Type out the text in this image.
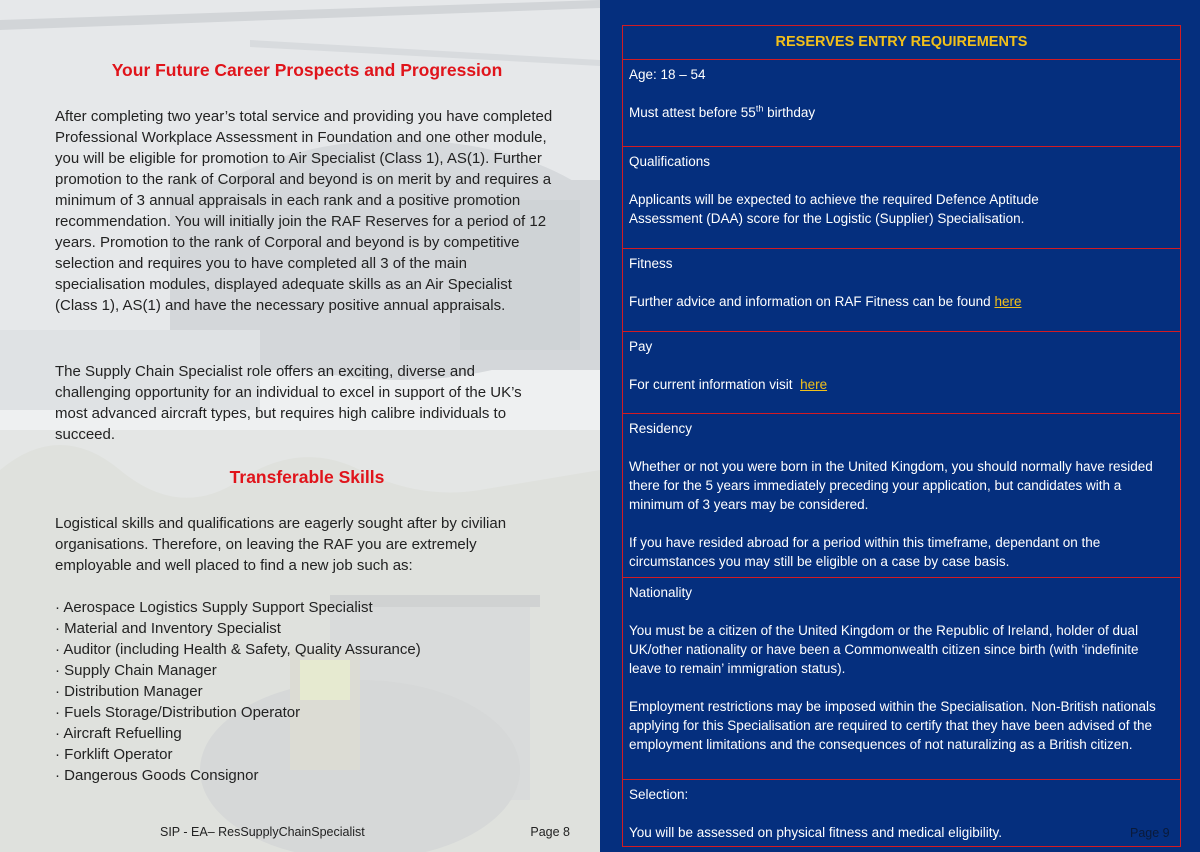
Your Future Career Prospects and Progression

After completing two year’s total service and providing you have completed Professional Workplace Assessment in Foundation and one other module, you will be eligible for promotion to Air Specialist (Class 1), AS(1). Further promotion to the rank of Corporal and beyond is on merit by and requires a minimum of 3 annual appraisals in each rank and a positive promotion recommendation. You will initially join the RAF Reserves for a period of 12 years. Promotion to the rank of Corporal and beyond is by competitive selection and requires you to have completed all 3 of the main specialisation modules, displayed adequate skills as an Air Specialist (Class 1), AS(1) and have the necessary positive annual appraisals.

The Supply Chain Specialist role offers an exciting, diverse and challenging opportunity for an individual to excel in support of the UK’s most advanced aircraft types, but requires high calibre individuals to succeed.

Transferable Skills

Logistical skills and qualifications are eagerly sought after by civilian organisations. Therefore, on leaving the RAF you are extremely employable and well placed to find a new job such as:

· Aerospace Logistics Supply Support Specialist
· Material and Inventory Specialist
· Auditor (including Health & Safety, Quality Assurance)
· Supply Chain Manager
· Distribution Manager
· Fuels Storage/Distribution Operator
· Aircraft Refuelling
· Forklift Operator
· Dangerous Goods Consignor
SIP - EA– ResSupplyChainSpecialist	Page 8
RESERVES ENTRY REQUIREMENTS

Age: 18 – 54

Must attest before 55th birthday

Qualifications

Applicants will be expected to achieve the required Defence Aptitude Assessment (DAA) score for the Logistic (Supplier) Specialisation.

Fitness

Further advice and information on RAF Fitness can be found here

Pay

For current information visit  here

Residency

Whether or not you were born in the United Kingdom, you should normally have resided there for the 5 years immediately preceding your application, but candidates with a minimum of 3 years may be considered.

If you have resided abroad for a period within this timeframe, dependant on the circumstances you may still be eligible on a case by case basis.

Nationality

You must be a citizen of the United Kingdom or the Republic of Ireland, holder of dual UK/other nationality or have been a Commonwealth citizen since birth (with ‘indefinite leave to remain’ immigration status).

Employment restrictions may be imposed within the Specialisation. Non-British nationals applying for this Specialisation are required to certify that they have been advised of the employment limitations and the consequences of not naturalizing as a British citizen.

Selection:

You will be assessed on physical fitness and medical eligibility.	Page 9
